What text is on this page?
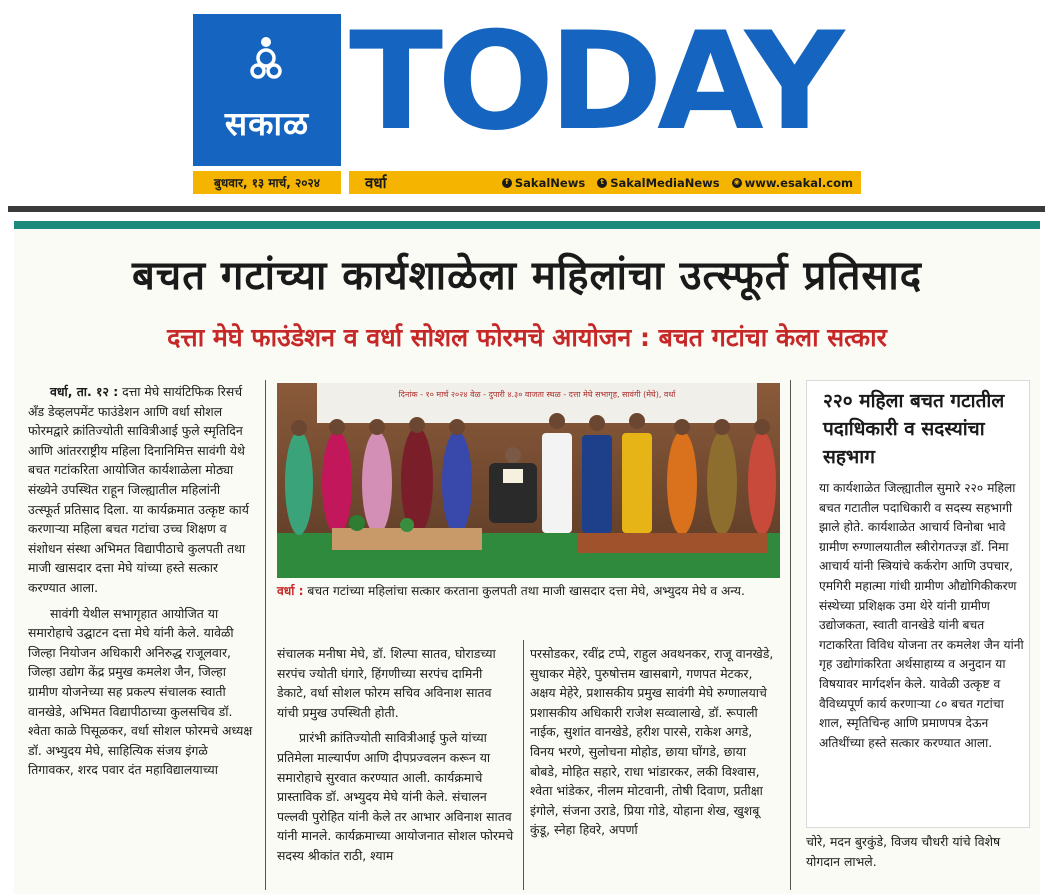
सकाळ TODAY
बुधवार, १३ मार्च, २०२४	वर्धा	f SakalNews	t SakalMediaNews ◉ www.esakal.com
बचत गटांच्या कार्यशाळेला महिलांचा उत्स्फूर्त प्रतिसाद
दत्ता मेघे फाउंडेशन व वर्धा सोशल फोरमचे आयोजन : बचत गटांचा केला सत्कार

वर्धा, ता. १२ : दत्ता मेघे सायंटिफिक रिसर्च अँड डेव्हलपमेंट फाउंडेशन आणि वर्धा सोशल फोरमद्वारे क्रांतिज्योती सावित्रीआई फुले स्मृतिदिन आणि आंतरराष्ट्रीय महिला दिनानिमित्त सावंगी येथे बचत गटांकरिता आयोजित कार्यशाळेला मोठ्या संख्येने उपस्थित राहून जिल्ह्यातील महिलांनी उत्स्फूर्त प्रतिसाद दिला. या कार्यक्रमात उत्कृष्ट कार्य करणाऱ्या महिला बचत गटांचा उच्च शिक्षण व संशोधन संस्था अभिमत विद्यापीठाचे कुलपती तथा माजी खासदार दत्ता मेघे यांच्या हस्ते सत्कार करण्यात आला.

सावंगी येथील सभागृहात आयोजित या समारोहाचे उद्घाटन दत्ता मेघे यांनी केले. यावेळी जिल्हा नियोजन अधिकारी अनिरुद्ध राजूलवार, जिल्हा उद्योग केंद्र प्रमुख कमलेश जैन, जिल्हा ग्रामीण योजनेच्या सह प्रकल्प संचालक स्वाती वानखेडे, अभिमत विद्यापीठाच्या कुलसचिव डॉ. श्वेता काळे पिसूळकर, वर्धा सोशल फोरमचे अध्यक्ष डॉ. अभ्युदय मेघे, साहित्यिक संजय इंगळे तिगावकर, शरद पवार दंत महाविद्यालयाच्या

दिनांक - १० मार्च २०२४ वेळ - दुपारी ४.३० वाजता स्थळ - दत्ता मेघे सभागृह, सावंगी (मेघे), वर्धा
वर्धा : बचत गटांच्या महिलांचा सत्कार करताना कुलपती तथा माजी खासदार दत्ता मेघे, अभ्युदय मेघे व अन्य.

संचालक मनीषा मेघे, डॉ. शिल्पा सातव, घोराडच्या सरपंच ज्योती घंगारे, हिंगणीच्या सरपंच दामिनी डेकाटे, वर्धा सोशल फोरम सचिव अविनाश सातव यांची प्रमुख उपस्थिती होती.

प्रारंभी क्रांतिज्योती सावित्रीआई फुले यांच्या प्रतिमेला माल्यार्पण आणि दीपप्रज्वलन करून या समारोहाचे सुरवात करण्यात आली. कार्यक्रमाचे प्रास्ताविक डॉ. अभ्युदय मेघे यांनी केले. संचालन पल्लवी पुरोहित यांनी केले तर आभार अविनाश सातव यांनी मानले. कार्यक्रमाच्या आयोजनात सोशल फोरमचे सदस्य श्रीकांत राठी, श्याम

परसोडकर, रवींद्र टप्पे, राहुल अवथनकर, राजू वानखेडे, सुधाकर मेहेरे, पुरुषोत्तम खासबागे, गणपत मेटकर, अक्षय मेहेरे, प्रशासकीय प्रमुख सावंगी मेघे रुग्णालयाचे प्रशासकीय अधिकारी राजेश सव्वालाखे, डॉ. रूपाली नाईक, सुशांत वानखेडे, हरीश पारसे, राकेश अगडे, विनय भरणे, सुलोचना मोहोड, छाया घोंगडे, छाया बोबडे, मोहित सहारे, राधा भांडारकर, लकी विश्वास, श्वेता भांडेकर, नीलम मोटवानी, तोषी दिवाण, प्रतीक्षा इंगोले, संजना उराडे, प्रिया गोडे, योहाना शेख, खुशबू कुंडू, स्नेहा हिवरे, अपर्णा

२२० महिला बचत गटातील पदाधिकारी व सदस्यांचा सहभाग
या कार्यशाळेत जिल्ह्यातील सुमारे २२० महिला बचत गटातील पदाधिकारी व सदस्य सहभागी झाले होते. कार्यशाळेत आचार्य विनोबा भावे ग्रामीण रुग्णालयातील स्त्रीरोगतज्ज्ञ डॉ. निमा आचार्य यांनी स्त्रियांचे कर्करोग आणि उपचार, एमगिरी महात्मा गांधी ग्रामीण औद्योगिकीकरण संस्थेच्या प्रशिक्षक उमा थेरे यांनी ग्रामीण उद्योजकता, स्वाती वानखेडे यांनी बचत गटाकरिता विविध योजना तर कमलेश जैन यांनी गृह उद्योगांकरिता अर्थसाहाय्य व अनुदान या विषयावर मार्गदर्शन केले. यावेळी उत्कृष्ट व वैविध्यपूर्ण कार्य करणाऱ्या ८० बचत गटांचा शाल, स्मृतिचिन्ह आणि प्रमाणपत्र देऊन अतिथींच्या हस्ते सत्कार करण्यात आला.
चोरे, मदन बुरकुंडे, विजय चौधरी यांचे विशेष योगदान लाभले.
